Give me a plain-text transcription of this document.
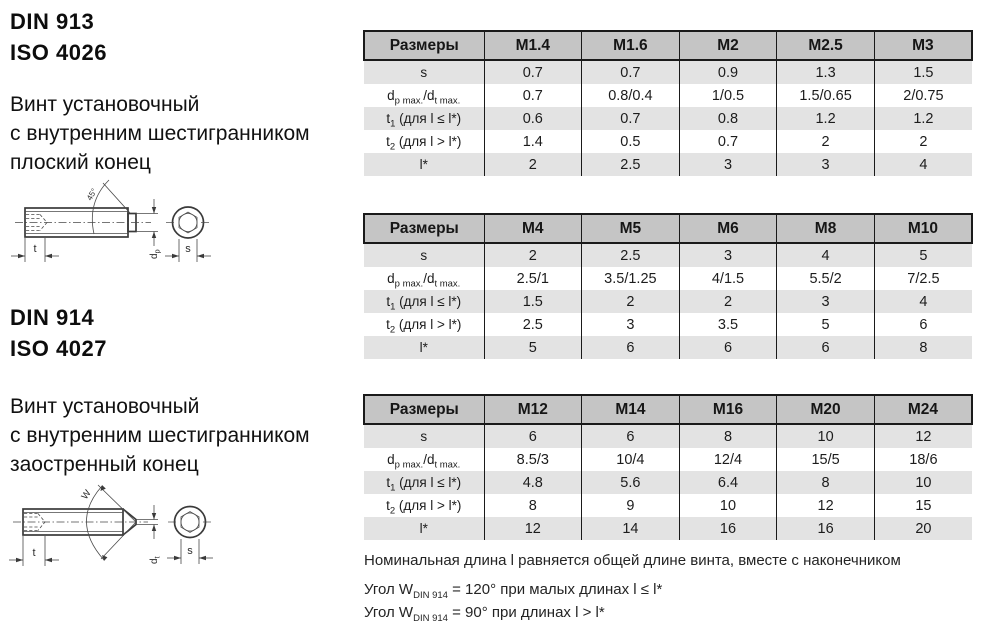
DIN 913
ISO 4026
Винт установочный
с внутренним шестигранником
плоский конец
45°
$d_p$
t	s
DIN 914
ISO 4027
Винт установочный
с внутренним шестигранником
заостренный конец
W
$d_t$
t	s
Размеры	M1.4	M1.6	M2	M2.5	M3
s	0.7	0.7	0.9	1.3	1.5
$d_{p max.}/d_{t max.}$	0.7	0.8/0.4	1/0.5	1.5/0.65	2/0.75
$t_1$ (для l ≤ l*)	0.6	0.7	0.8	1.2	1.2
$t_2$ (для l > l*)	1.4	0.5	0.7	2	2
l*	2	2.5	3	3	4
Размеры	M4	M5	M6	M8	M10
s	2	2.5	3	4	5
$d_{p max.}/d_{t max.}$	2.5/1	3.5/1.25	4/1.5	5.5/2	7/2.5
$t_1$ (для l ≤ l*)	1.5	2	2	3	4
$t_2$ (для l > l*)	2.5	3	3.5	5	6
l*	5	6	6	6	8
Размеры	M12	M14	M16	M20	M24
s	6	6	8	10	12
$d_{p max.}/d_{t max.}$	8.5/3	10/4	12/4	15/5	18/6
$t_1$ (для l ≤ l*)	4.8	5.6	6.4	8	10
$t_2$ (для l > l*)	8	9	10	12	15
l*	12	14	16	16	20
Номинальная длина l равняется общей длине винта, вместе с наконечником
Угол $W_{DIN 914} = 120^\circ$ при малых длинах l ≤ l*
Угол $W_{DIN 914} = 90^\circ$ при длинах l > l*
